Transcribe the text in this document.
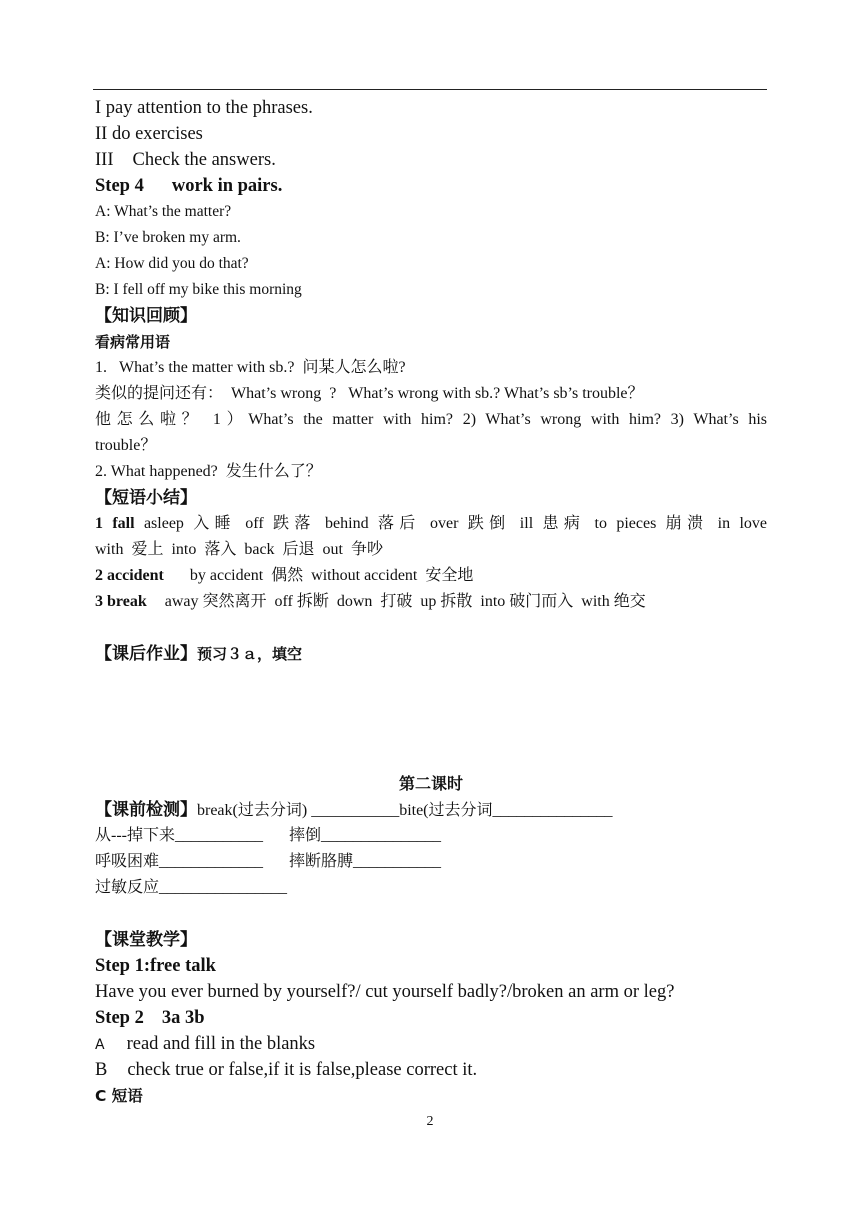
I pay attention to the phrases.
II do exercises
III Check the answers.
Step 4 work in pairs.
A: What’s the matter?
B: I’ve broken my arm.
A: How did you do that?
B: I fell off my bike this morning
【知识回顾】
看病常用语
1.   What’s the matter with sb.?  问某人怎么啦?
类似的提问还有：  What’s wrong  ?   What’s wrong with sb.? What’s sb’s trouble？
他怎么啦？ 1）What’s the matter with him? 2) What’s wrong with him? 3) What’s his
trouble？
2. What happened?  发生什么了？
【短语小结】
1 fall asleep 入睡 off 跌落 behind 落后 over 跌倒 ill 患病 to pieces 崩溃 in love
with  爱上  into  落入  back  后退  out  争吵
2 accident by accident  偶然  without accident  安全地
3 break away 突然离开  off 拆断  down  打破  up 拆散  into 破门而入  with 绝交
【课后作业】预习３ａ，填空
第二课时
【课前检测】break(过去分词) ___________bite(过去分词_______________
从---掉下来___________ 摔倒_______________
呼吸困难_____________ 摔断胳膊___________
过敏反应________________
【课堂教学】
Step 1:free talk
Have you ever burned by yourself?/ cut yourself badly?/broken an arm or leg?
Step 2 3a 3b
A read and fill in the blanks
B check true or false,if it is false,please correct it.
C 短语
2
